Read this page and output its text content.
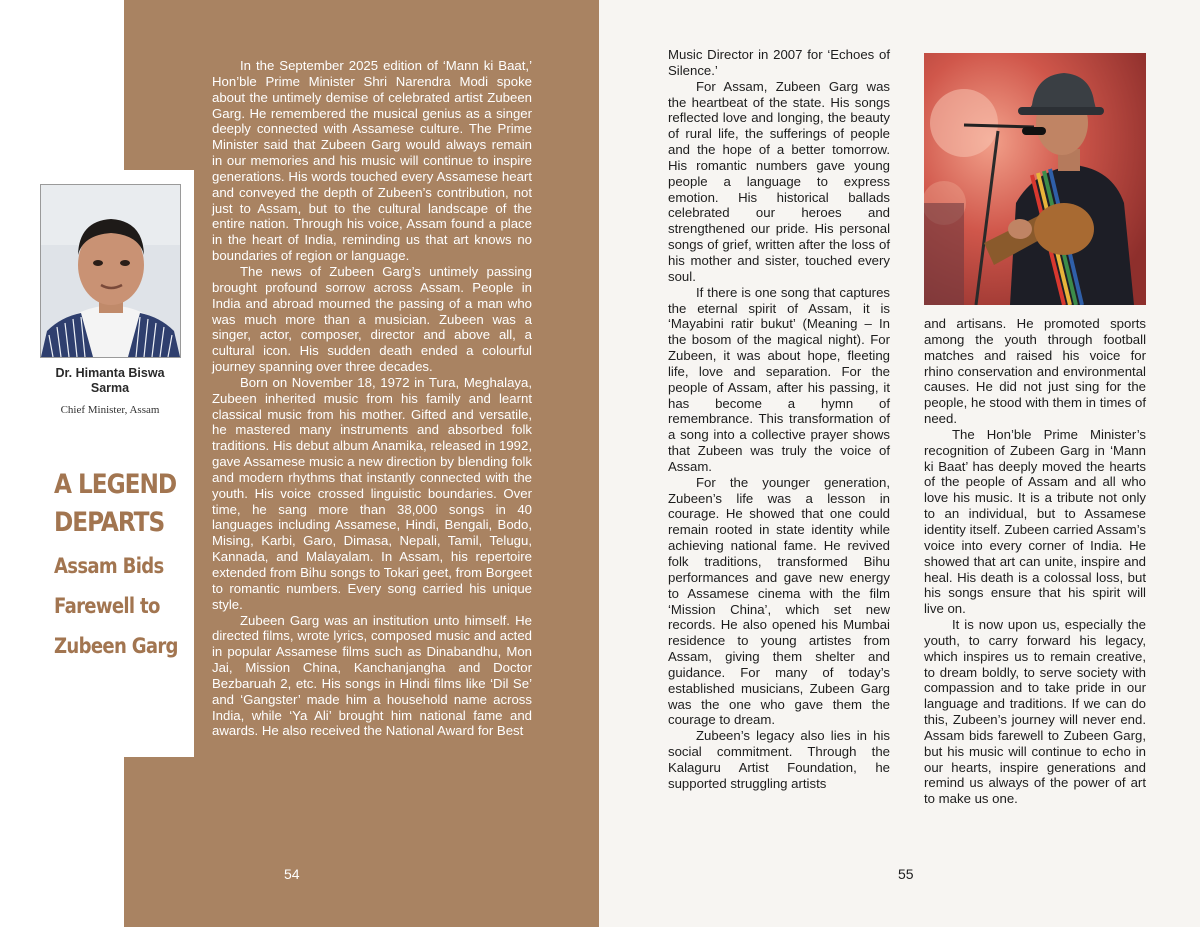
Dr. Himanta Biswa
Sarma
Chief Minister, Assam
A LEGEND
DEPARTS
Assam Bids
Farewell to
Zubeen Garg

In the September 2025 edition of ‘Mann ki Baat,’ Hon’ble Prime Minister Shri Narendra Modi spoke about the untimely demise of celebrated artist Zubeen Garg. He remembered the musical genius as a singer deeply connected with Assamese culture. The Prime Minister said that Zubeen Garg would always remain in our memories and his music will continue to inspire generations. His words touched every Assamese heart and conveyed the depth of Zubeen’s contribution, not just to Assam, but to the cultural landscape of the entire nation. Through his voice, Assam found a place in the heart of India, reminding us that art knows no boundaries of region or language.

The news of Zubeen Garg’s untimely passing brought profound sorrow across Assam. People in India and abroad mourned the passing of a man who was much more than a musician. Zubeen was a singer, actor, composer, director and above all, a cultural icon. His sudden death ended a colourful journey spanning over three decades.

Born on November 18, 1972 in Tura, Meghalaya, Zubeen inherited music from his family and learnt classical music from his mother. Gifted and versatile, he mastered many instruments and absorbed folk traditions. His debut album Anamika, released in 1992, gave Assamese music a new direction by blending folk and modern rhythms that instantly connected with the youth. His voice crossed linguistic boundaries. Over time, he sang more than 38,000 songs in 40 languages including Assamese, Hindi, Bengali, Bodo, Mising, Karbi, Garo, Dimasa, Nepali, Tamil, Telugu, Kannada, and Malayalam. In Assam, his repertoire extended from Bihu songs to Tokari geet, from Borgeet to romantic numbers. Every song carried his unique style.

Zubeen Garg was an institution unto himself. He directed films, wrote lyrics, composed music and acted in popular Assamese films such as Dinabandhu, Mon Jai, Mission China, Kanchanjangha and Doctor Bezbaruah 2, etc. His songs in Hindi films like ‘Dil Se’ and ‘Gangster’ made him a household name across India, while ‘Ya Ali’ brought him national fame and awards. He also received the National Award for Best

Music Director in 2007 for ‘Echoes of Silence.’

For Assam, Zubeen Garg was the heartbeat of the state. His songs reflected love and longing, the beauty of rural life, the sufferings of people and the hope of a better tomorrow. His romantic numbers gave young people a language to express emotion. His historical ballads celebrated our heroes and strengthened our pride. His personal songs of grief, written after the loss of his mother and sister, touched every soul.

If there is one song that captures the eternal spirit of Assam, it is ‘Mayabini ratir bukut’ (Meaning – In the bosom of the magical night). For Zubeen, it was about hope, fleeting life, love and separation. For the people of Assam, after his passing, it has become a hymn of remembrance. This transformation of a song into a collective prayer shows that Zubeen was truly the voice of Assam.

For the younger generation, Zubeen’s life was a lesson in courage. He showed that one could remain rooted in state identity while achieving national fame. He revived folk traditions, transformed Bihu performances and gave new energy to Assamese cinema with the film ‘Mission China’, which set new records. He also opened his Mumbai residence to young artistes from Assam, giving them shelter and guidance. For many of today’s established musicians, Zubeen Garg was the one who gave them the courage to dream.

Zubeen’s legacy also lies in his social commitment. Through the Kalaguru Artist Foundation, he supported struggling artists

and artisans. He promoted sports among the youth through football matches and raised his voice for rhino conservation and environmental causes. He did not just sing for the people, he stood with them in times of need.

The Hon’ble Prime Minister’s recognition of Zubeen Garg in ‘Mann ki Baat’ has deeply moved the hearts of the people of Assam and all who love his music. It is a tribute not only to an individual, but to Assamese identity itself. Zubeen carried Assam’s voice into every corner of India. He showed that art can unite, inspire and heal. His death is a colossal loss, but his songs ensure that his spirit will live on.

It is now upon us, especially the youth, to carry forward his legacy, which inspires us to remain creative, to dream boldly, to serve society with compassion and to take pride in our language and traditions. If we can do this, Zubeen’s journey will never end. Assam bids farewell to Zubeen Garg, but his music will continue to echo in our hearts, inspire generations and remind us always of the power of art to make us one.

54	55
